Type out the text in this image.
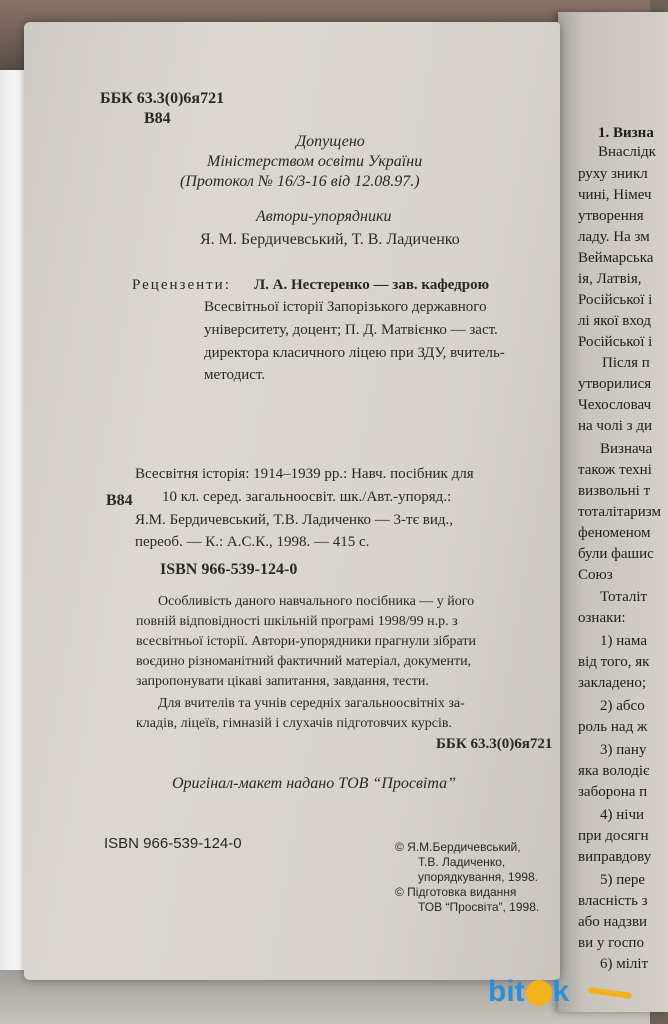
ББК 63.3(0)6я721
В84
Допущено
Міністерством освіти України
(Протокол № 16/3-16 від 12.08.97.)
Автори-упорядники
Я. М. Бердичевський, Т. В. Ладиченко
Рецензенти: Л. А. Нестеренко — зав. кафедрою
Всесвітньої історії Запорізького державного
університету, доцент; П. Д. Матвієнко — заст.
директора класичного ліцею при ЗДУ, вчитель-
методист.
В84
Всесвітня історія: 1914–1939 рр.: Навч. посібник для
10 кл. серед. загальноосвіт. шк./Авт.-упоряд.:
Я.М. Бердичевський, Т.В. Ладиченко — 3-тє вид.,
переоб. — К.: А.С.К., 1998. — 415 с.
ISBN 966-539-124-0
Особливість даного навчального посібника — у його
повній відповідності шкільній програмі 1998/99 н.р. з
всесвітньої історії. Автори-упорядники прагнули зібрати
воєдино різноманітний фактичний матеріал, документи,
запропонувати цікаві запитання, завдання, тести.
Для вчителів та учнів середніх загальноосвітніх за-
кладів, ліцеїв, гімназій і слухачів підготовчих курсів.
ББК 63.3(0)6я721
Оригінал-макет надано ТОВ “Просвіта”
ISBN 966-539-124-0	© Я.М.Бердичевський,
Т.В. Ладиченко,
упорядкування, 1998.
© Підготовка видання
ТОВ “Просвіта”, 1998.
1. Визна
Внаслідк
руху зникл
чині, Німеч
утворення
ладу. На зм
Веймарська
ія, Латвія,
Російської і
лі якої вход
Російської і
Після п
утворилися
Чехословач
на чолі з ди
Визнача
також техні
визвольні т
тоталітаризм
феноменом
були фашис
Союз
Тоталіт
ознаки:
1) нама
від того, як
закладено;
2) абсо
роль над ж
3) пану
яка володіє
заборона п
4) нічи
при досягн
виправдову
5) пере
власність з
або надзви
ви у госпо
6) міліт
bit k
